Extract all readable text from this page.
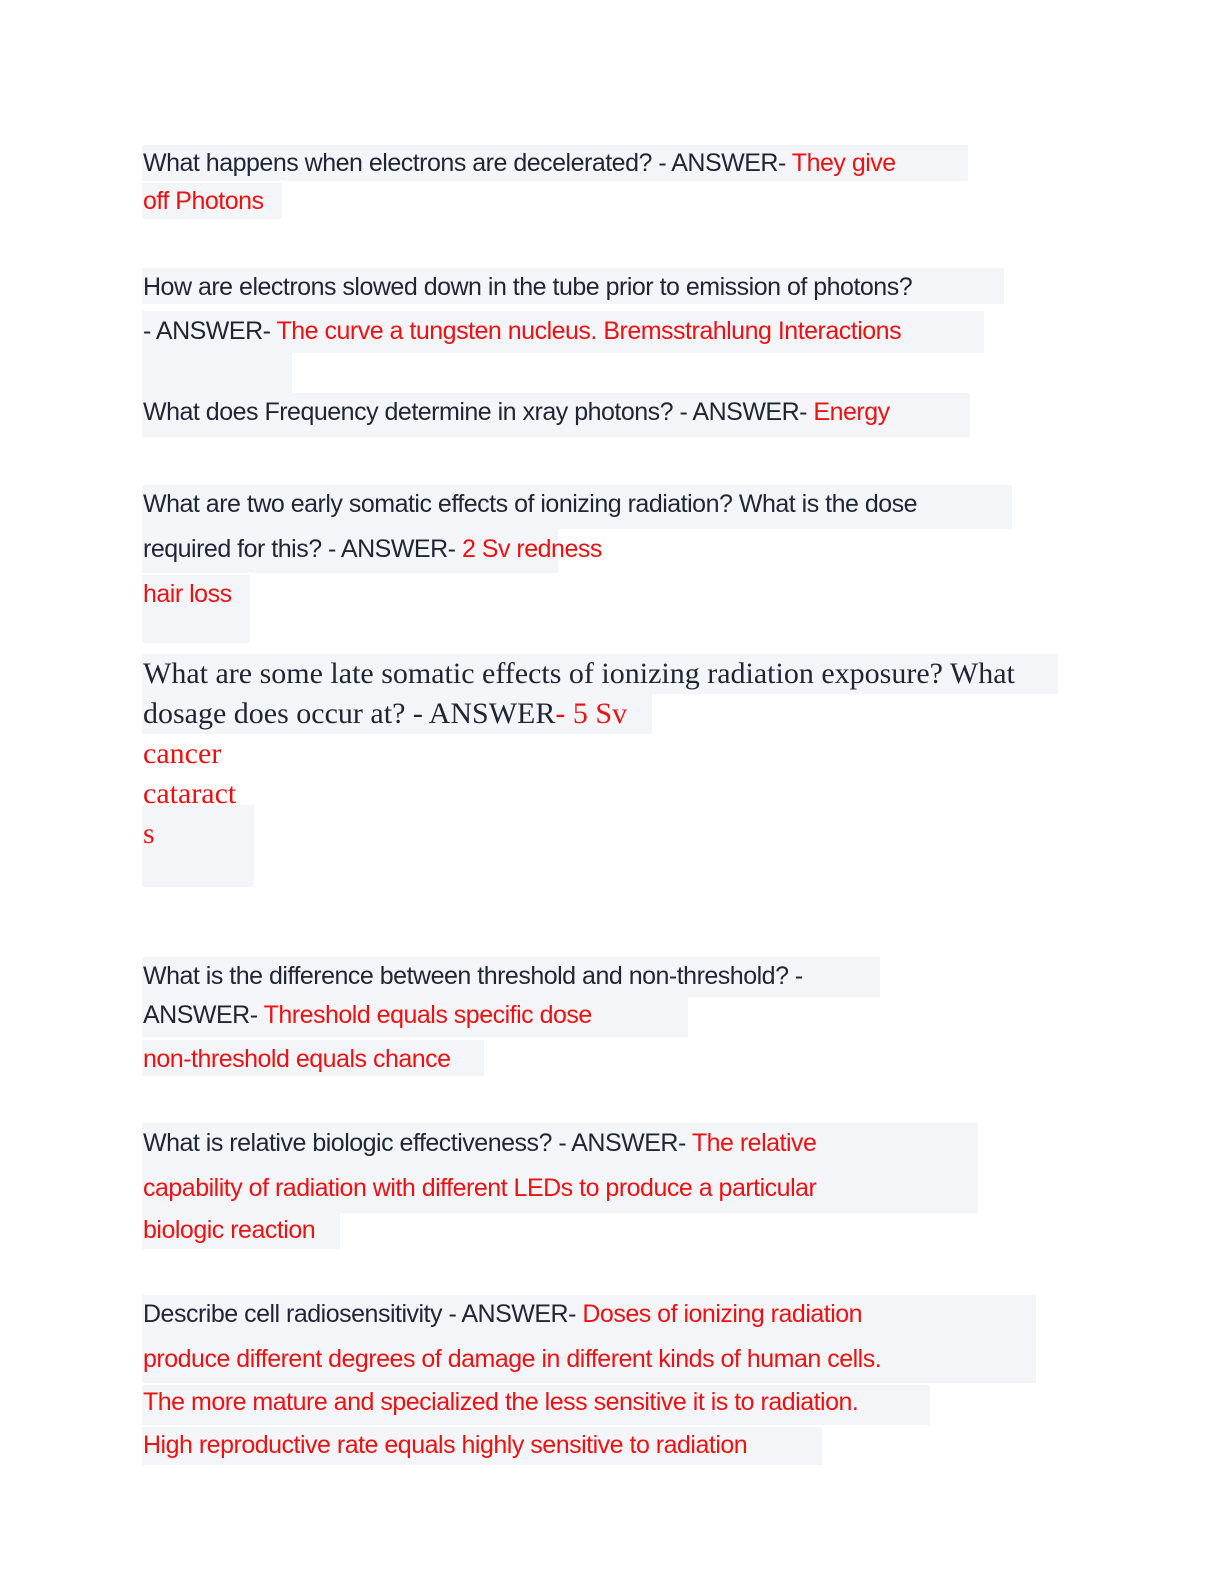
What happens when electrons are decelerated? - ANSWER- They give
off Photons
How are electrons slowed down in the tube prior to emission of photons?
- ANSWER- The curve a tungsten nucleus. Bremsstrahlung Interactions
What does Frequency determine in xray photons? - ANSWER- Energy
What are two early somatic effects of ionizing radiation? What is the dose
required for this? - ANSWER- 2 Sv redness
hair loss
What are some late somatic effects of ionizing radiation exposure? What
dosage does occur at? - ANSWER- 5 Sv
cancer
cataract
s
What is the difference between threshold and non-threshold? -
ANSWER- Threshold equals specific dose
non-threshold equals chance
What is relative biologic effectiveness? - ANSWER- The relative
capability of radiation with different LEDs to produce a particular
biologic reaction
Describe cell radiosensitivity - ANSWER- Doses of ionizing radiation
produce different degrees of damage in different kinds of human cells.
The more mature and specialized the less sensitive it is to radiation.
High reproductive rate equals highly sensitive to radiation
